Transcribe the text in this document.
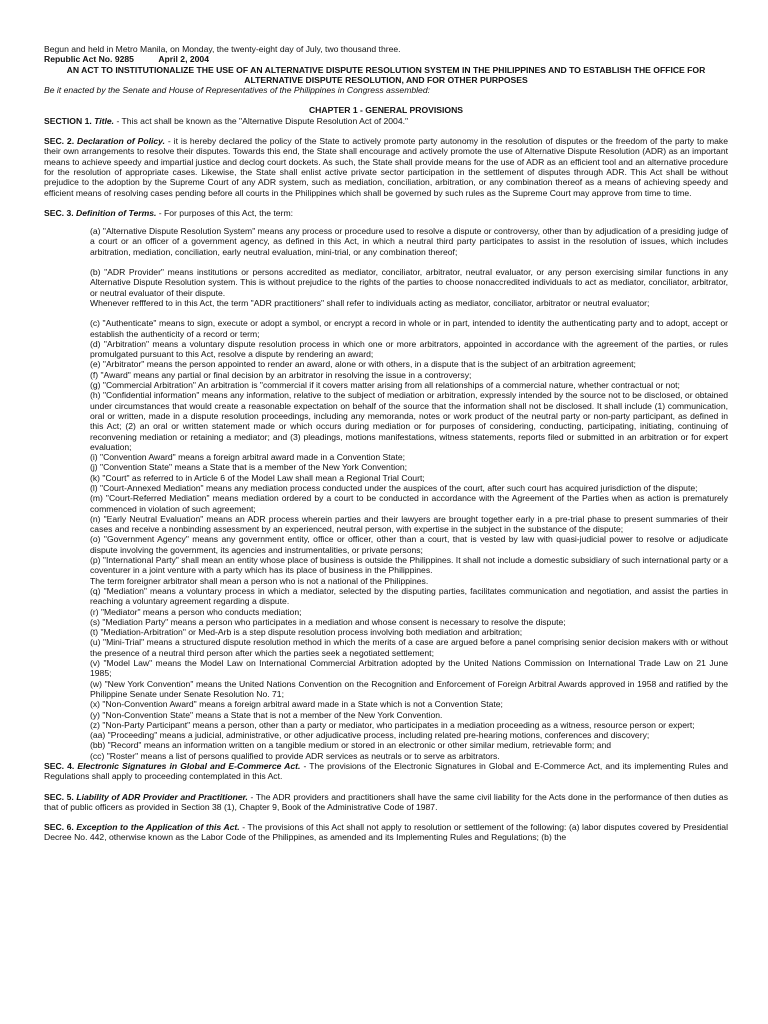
Begun and held in Metro Manila, on Monday, the twenty-eight day of July, two thousand three.

Republic Act No. 9285	April 2, 2004

AN ACT TO INSTITUTIONALIZE THE USE OF AN ALTERNATIVE DISPUTE RESOLUTION SYSTEM IN THE PHILIPPINES AND TO ESTABLISH THE OFFICE FOR ALTERNATIVE DISPUTE RESOLUTION, AND FOR OTHER PURPOSES

Be it enacted by the Senate and House of Representatives of the Philippines in Congress assembled:

CHAPTER 1 - GENERAL PROVISIONS

SECTION 1. Title. - This act shall be known as the "Alternative Dispute Resolution Act of 2004."

SEC. 2. Declaration of Policy. - it is hereby declared the policy of the State to actively promote party autonomy in the resolution of disputes or the freedom of the party to make their own arrangements to resolve their disputes. Towards this end, the State shall encourage and actively promote the use of Alternative Dispute Resolution (ADR) as an important means to achieve speedy and impartial justice and declog court dockets. As such, the State shall provide means for the use of ADR as an efficient tool and an alternative procedure for the resolution of appropriate cases. Likewise, the State shall enlist active private sector participation in the settlement of disputes through ADR. This Act shall be without prejudice to the adoption by the Supreme Court of any ADR system, such as mediation, conciliation, arbitration, or any combination thereof as a means of achieving speedy and efficient means of resolving cases pending before all courts in the Philippines which shall be governed by such rules as the Supreme Court may approve from time to time.

SEC. 3. Definition of Terms. - For purposes of this Act, the term:

(a) "Alternative Dispute Resolution System" means any process or procedure used to resolve a dispute or controversy, other than by adjudication of a presiding judge of a court or an officer of a government agency, as defined in this Act, in which a neutral third party participates to assist in the resolution of issues, which includes arbitration, mediation, conciliation, early neutral evaluation, mini-trial, or any combination thereof;

(b) "ADR Provider" means institutions or persons accredited as mediator, conciliator, arbitrator, neutral evaluator, or any person exercising similar functions in any Alternative Dispute Resolution system. This is without prejudice to the rights of the parties to choose nonaccredited individuals to act as mediator, conciliator, arbitrator, or neutral evaluator of their dispute.

Whenever refffered to in this Act, the term "ADR practitioners" shall refer to individuals acting as mediator, conciliator, arbitrator or neutral evaluator;

(c) "Authenticate" means to sign, execute or adopt a symbol, or encrypt a record in whole or in part, intended to identity the authenticating party and to adopt, accept or establish the authenticity of a record or term;

(d) "Arbitration" means a voluntary dispute resolution process in which one or more arbitrators, appointed in accordance with the agreement of the parties, or rules promulgated pursuant to this Act, resolve a dispute by rendering an award;

(e) "Arbitrator" means the person appointed to render an award, alone or with others, in a dispute that is the subject of an arbitration agreement;

(f) "Award" means any partial or final decision by an arbitrator in resolving the issue in a controversy;

(g) "Commercial Arbitration" An arbitration is "commercial if it covers matter arising from all relationships of a commercial nature, whether contractual or not;

(h) "Confidential information" means any information, relative to the subject of mediation or arbitration, expressly intended by the source not to be disclosed, or obtained under circumstances that would create a reasonable expectation on behalf of the source that the information shall not be disclosed. It shall include (1) communication, oral or written, made in a dispute resolution proceedings, including any memoranda, notes or work product of the neutral party or non-party participant, as defined in this Act; (2) an oral or written statement made or which occurs during mediation or for purposes of considering, conducting, participating, initiating, continuing of reconvening mediation or retaining a mediator; and (3) pleadings, motions manifestations, witness statements, reports filed or submitted in an arbitration or for expert evaluation;

(i) "Convention Award" means a foreign arbitral award made in a Convention State;

(j) "Convention State" means a State that is a member of the New York Convention;

(k) "Court" as referred to in Article 6 of the Model Law shall mean a Regional Trial Court;

(l) "Court-Annexed Mediation" means any mediation process conducted under the auspices of the court, after such court has acquired jurisdiction of the dispute;

(m) "Court-Referred Mediation" means mediation ordered by a court to be conducted in accordance with the Agreement of the Parties when as action is prematurely commenced in violation of such agreement;

(n) "Early Neutral Evaluation" means an ADR process wherein parties and their lawyers are brought together early in a pre-trial phase to present summaries of their cases and receive a nonbinding assessment by an experienced, neutral person, with expertise in the subject in the substance of the dispute;

(o) "Government Agency" means any government entity, office or officer, other than a court, that is vested by law with quasi-judicial power to resolve or adjudicate dispute involving the government, its agencies and instrumentalities, or private persons;

(p) "International Party" shall mean an entity whose place of business is outside the Philippines. It shall not include a domestic subsidiary of such international party or a coventurer in a joint venture with a party which has its place of business in the Philippines.

The term foreigner arbitrator shall mean a person who is not a national of the Philippines.

(q) "Mediation" means a voluntary process in which a mediator, selected by the disputing parties, facilitates communication and negotiation, and assist the parties in reaching a voluntary agreement regarding a dispute.

(r) "Mediator" means a person who conducts mediation;

(s) "Mediation Party" means a person who participates in a mediation and whose consent is necessary to resolve the dispute;

(t) "Mediation-Arbitration" or Med-Arb is a step dispute resolution process involving both mediation and arbitration;

(u) "Mini-Trial" means a structured dispute resolution method in which the merits of a case are argued before a panel comprising senior decision makers with or without the presence of a neutral third person after which the parties seek a negotiated settlement;

(v) "Model Law" means the Model Law on International Commercial Arbitration adopted by the United Nations Commission on International Trade Law on 21 June 1985;

(w) "New York Convention" means the United Nations Convention on the Recognition and Enforcement of Foreign Arbitral Awards approved in 1958 and ratified by the Philippine Senate under Senate Resolution No. 71;

(x) "Non-Convention Award" means a foreign arbitral award made in a State which is not a Convention State;

(y) "Non-Convention State" means a State that is not a member of the New York Convention.

(z) "Non-Party Participant" means a person, other than a party or mediator, who participates in a mediation proceeding as a witness, resource person or expert;

(aa) "Proceeding" means a judicial, administrative, or other adjudicative process, including related pre-hearing motions, conferences and discovery;

(bb) "Record" means an information written on a tangible medium or stored in an electronic or other similar medium, retrievable form; and

(cc) "Roster" means a list of persons qualified to provide ADR services as neutrals or to serve as arbitrators.

SEC. 4. Electronic Signatures in Global and E-Commerce Act. - The provisions of the Electronic Signatures in Global and E-Commerce Act, and its implementing Rules and Regulations shall apply to proceeding contemplated in this Act.

SEC. 5. Liability of ADR Provider and Practitioner. - The ADR providers and practitioners shall have the same civil liability for the Acts done in the performance of then duties as that of public officers as provided in Section 38 (1), Chapter 9, Book of the Administrative Code of 1987.

SEC. 6. Exception to the Application of this Act. - The provisions of this Act shall not apply to resolution or settlement of the following: (a) labor disputes covered by Presidential Decree No. 442, otherwise known as the Labor Code of the Philippines, as amended and its Implementing Rules and Regulations; (b) the
